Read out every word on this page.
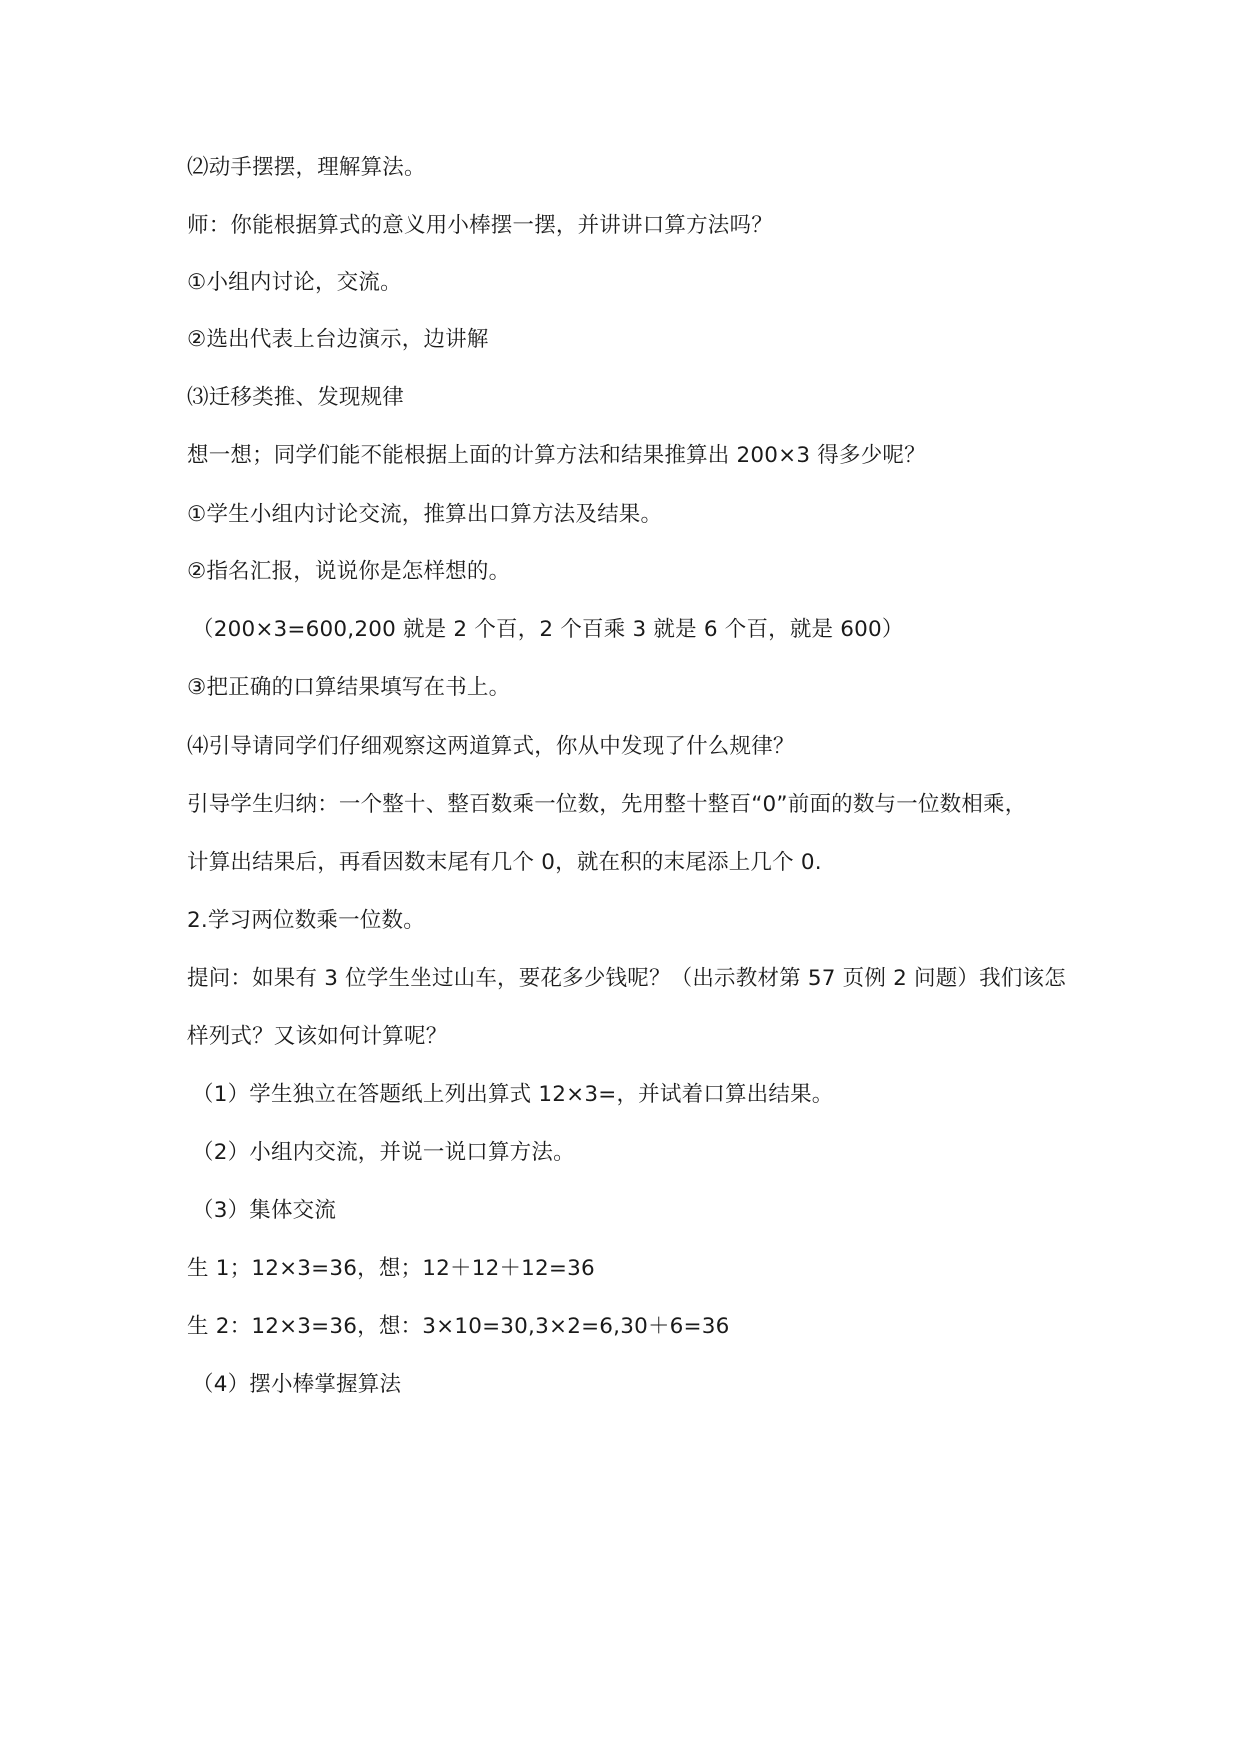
⑵动手摆摆，理解算法。
师：你能根据算式的意义用小棒摆一摆，并讲讲口算方法吗？
①小组内讨论，交流。
②选出代表上台边演示，边讲解
⑶迁移类推、发现规律
想一想；同学们能不能根据上面的计算方法和结果推算出 200×3 得多少呢？
①学生小组内讨论交流，推算出口算方法及结果。
②指名汇报，说说你是怎样想的。
（200×3=600,200 就是 2 个百，2 个百乘 3 就是 6 个百，就是 600）
③把正确的口算结果填写在书上。
⑷引导请同学们仔细观察这两道算式，你从中发现了什么规律？
引导学生归纳：一个整十、整百数乘一位数，先用整十整百“0”前面的数与一位数相乘，
计算出结果后，再看因数末尾有几个 0，就在积的末尾添上几个 0.
2.学习两位数乘一位数。
提问：如果有 3 位学生坐过山车，要花多少钱呢？（出示教材第 57 页例 2 问题）我们该怎
样列式？又该如何计算呢？
（1）学生独立在答题纸上列出算式 12×3=，并试着口算出结果。
（2）小组内交流，并说一说口算方法。
（3）集体交流
生 1；12×3=36，想；12＋12＋12=36
生 2：12×3=36，想：3×10=30,3×2=6,30＋6=36
（4）摆小棒掌握算法
